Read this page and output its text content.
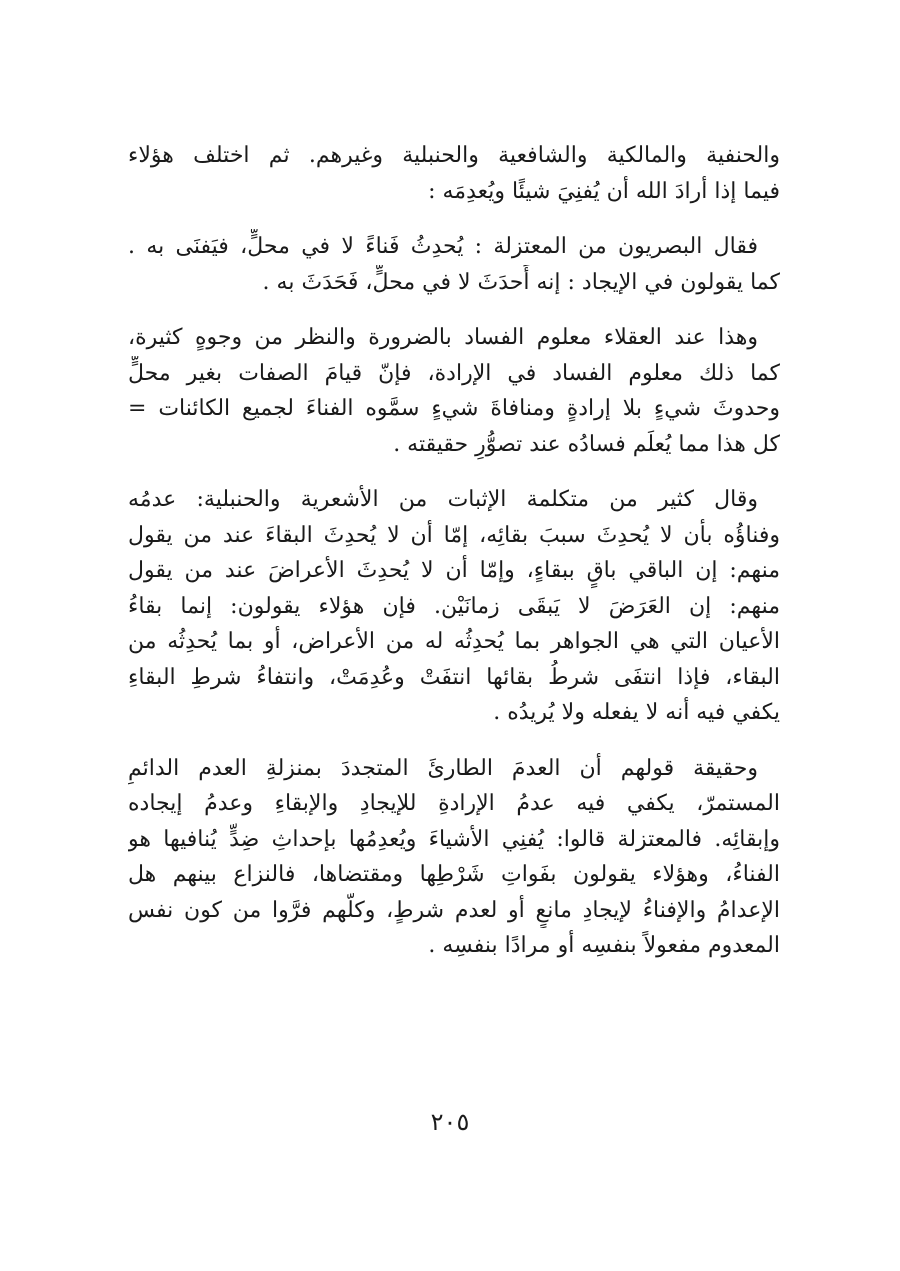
والحنفية والمالكية والشافعية والحنبلية وغيرهم. ثم اختلف هؤلاء
فيما إذا أرادَ الله أن يُفنِيَ شيئًا ويُعدِمَه :
فقال البصريون من المعتزلة : يُحدِثُ فَناءً لا في محلٍّ، فيَفنَى به .
كما يقولون في الإيجاد : إنه أَحدَثَ لا في محلٍّ، فَحَدَثَ به .
وهذا عند العقلاء معلوم الفساد بالضرورة والنظر من وجوهٍ كثيرة،
كما ذلك معلوم الفساد في الإرادة، فإنّ قيامَ الصفات بغير محلٍّ
وحدوثَ شيءٍ بلا إرادةٍ ومنافاةَ شيءٍ سمَّوه الفناءَ لجميع الكائنات =
كل هذا مما يُعلَم فسادُه عند تصوُّرِ حقيقته .
وقال كثير من متكلمة الإثبات من الأشعرية والحنبلية: عدمُه
وفناؤُه بأن لا يُحدِثَ سببَ بقائِه، إمّا أن لا يُحدِثَ البقاءَ عند من يقول
منهم: إن الباقي باقٍ ببقاءٍ، وإمّا أن لا يُحدِثَ الأعراضَ عند من يقول
منهم: إن العَرَضَ لا يَبقَى زمانَيْن. فإن هؤلاء يقولون: إنما بقاءُ
الأعيان التي هي الجواهر بما يُحدِثُه له من الأعراض، أو بما يُحدِثُه من
البقاء، فإذا انتفَى شرطُ بقائها انتفَتْ وعُدِمَتْ، وانتفاءُ شرطِ البقاءِ
يكفي فيه أنه لا يفعله ولا يُريدُه .
وحقيقة قولهم أن العدمَ الطارئَ المتجددَ بمنزلةِ العدم الدائمِ
المستمرّ، يكفي فيه عدمُ الإرادةِ للإيجادِ والإبقاءِ وعدمُ إيجاده
وإبقائِه. فالمعتزلة قالوا: يُفنِي الأشياءَ ويُعدِمُها بإحداثِ ضِدٍّ يُنافيها هو
الفناءُ، وهؤلاء يقولون بفَواتِ شَرْطِها ومقتضاها، فالنزاع بينهم هل
الإعدامُ والإفناءُ لإيجادِ مانعٍ أو لعدم شرطٍ، وكلُّهم فرَّوا من كون نفس
المعدوم مفعولاً بنفسِه أو مرادًا بنفسِه .
٢٠٥
